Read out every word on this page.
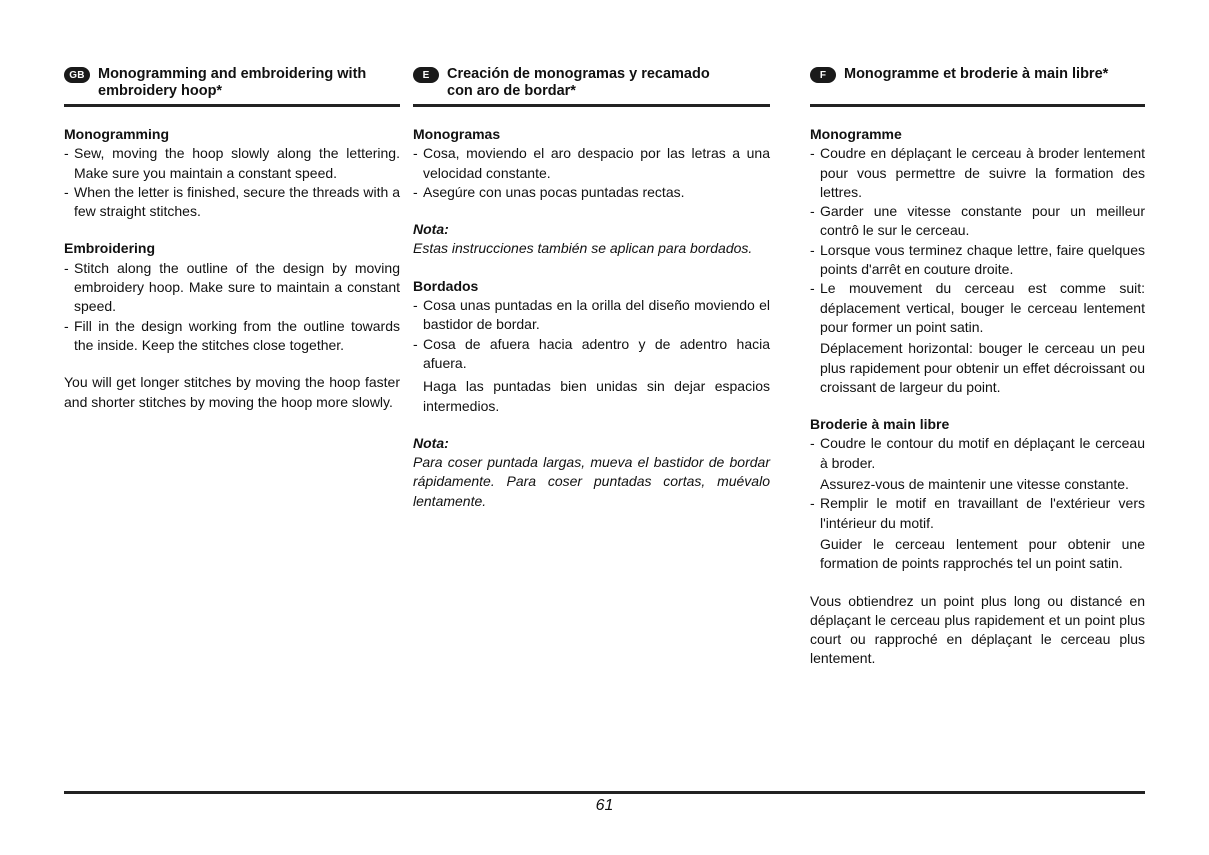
GB Monogramming and embroidering with
embroidery hoop*
Monogramming
- Sew, moving the hoop slowly along the lettering. Make sure you maintain a constant speed.
- When the letter is finished, secure the threads with a few straight stitches.
Embroidering
- Stitch along the outline of the design by moving embroidery hoop. Make sure to maintain a constant speed.
- Fill in the design working from the outline towards the inside. Keep the stitches close together.

You will get longer stitches by moving the hoop faster and shorter stitches by moving the hoop more slowly.

E	Creación de monogramas y recamado
con aro de bordar*
Monogramas
- Cosa, moviendo el aro despacio por las letras a una velocidad constante.
- Asegúre con unas pocas puntadas rectas.
Nota:

Estas instrucciones también se aplican para bordados.

Bordados
- Cosa unas puntadas en la orilla del diseño moviendo el bastidor de bordar.
- Cosa de afuera hacia adentro y de adentro hacia afuera.

Haga las puntadas bien unidas sin dejar espacios intermedios.

Nota:

Para coser puntada largas, mueva el bastidor de bordar rápidamente. Para coser puntadas cortas, muévalo lentamente.

F	Monogramme et broderie à main libre*
Monogramme
- Coudre en déplaçant le cerceau à broder lentement pour vous permettre de suivre la formation des lettres.
- Garder une vitesse constante pour un meilleur contrô le sur le cerceau.
- Lorsque vous terminez chaque lettre, faire quelques points d'arrêt en couture droite.
- Le mouvement du cerceau est comme suit: déplacement vertical, bouger le cerceau lentement pour former un point satin.

Déplacement horizontal: bouger le cerceau un peu plus rapidement pour obtenir un effet décroissant ou croissant de largeur du point.

Broderie à main libre
- Coudre le contour du motif en déplaçant le cerceau à broder.

Assurez-vous de maintenir une vitesse constante.

- Remplir le motif en travaillant de l'extérieur vers l'intérieur du motif.

Guider le cerceau lentement pour obtenir une formation de points rapprochés tel un point satin.

Vous obtiendrez un point plus long ou distancé en déplaçant le cerceau plus rapidement et un point plus court ou rapproché en déplaçant le cerceau plus lentement.

61
